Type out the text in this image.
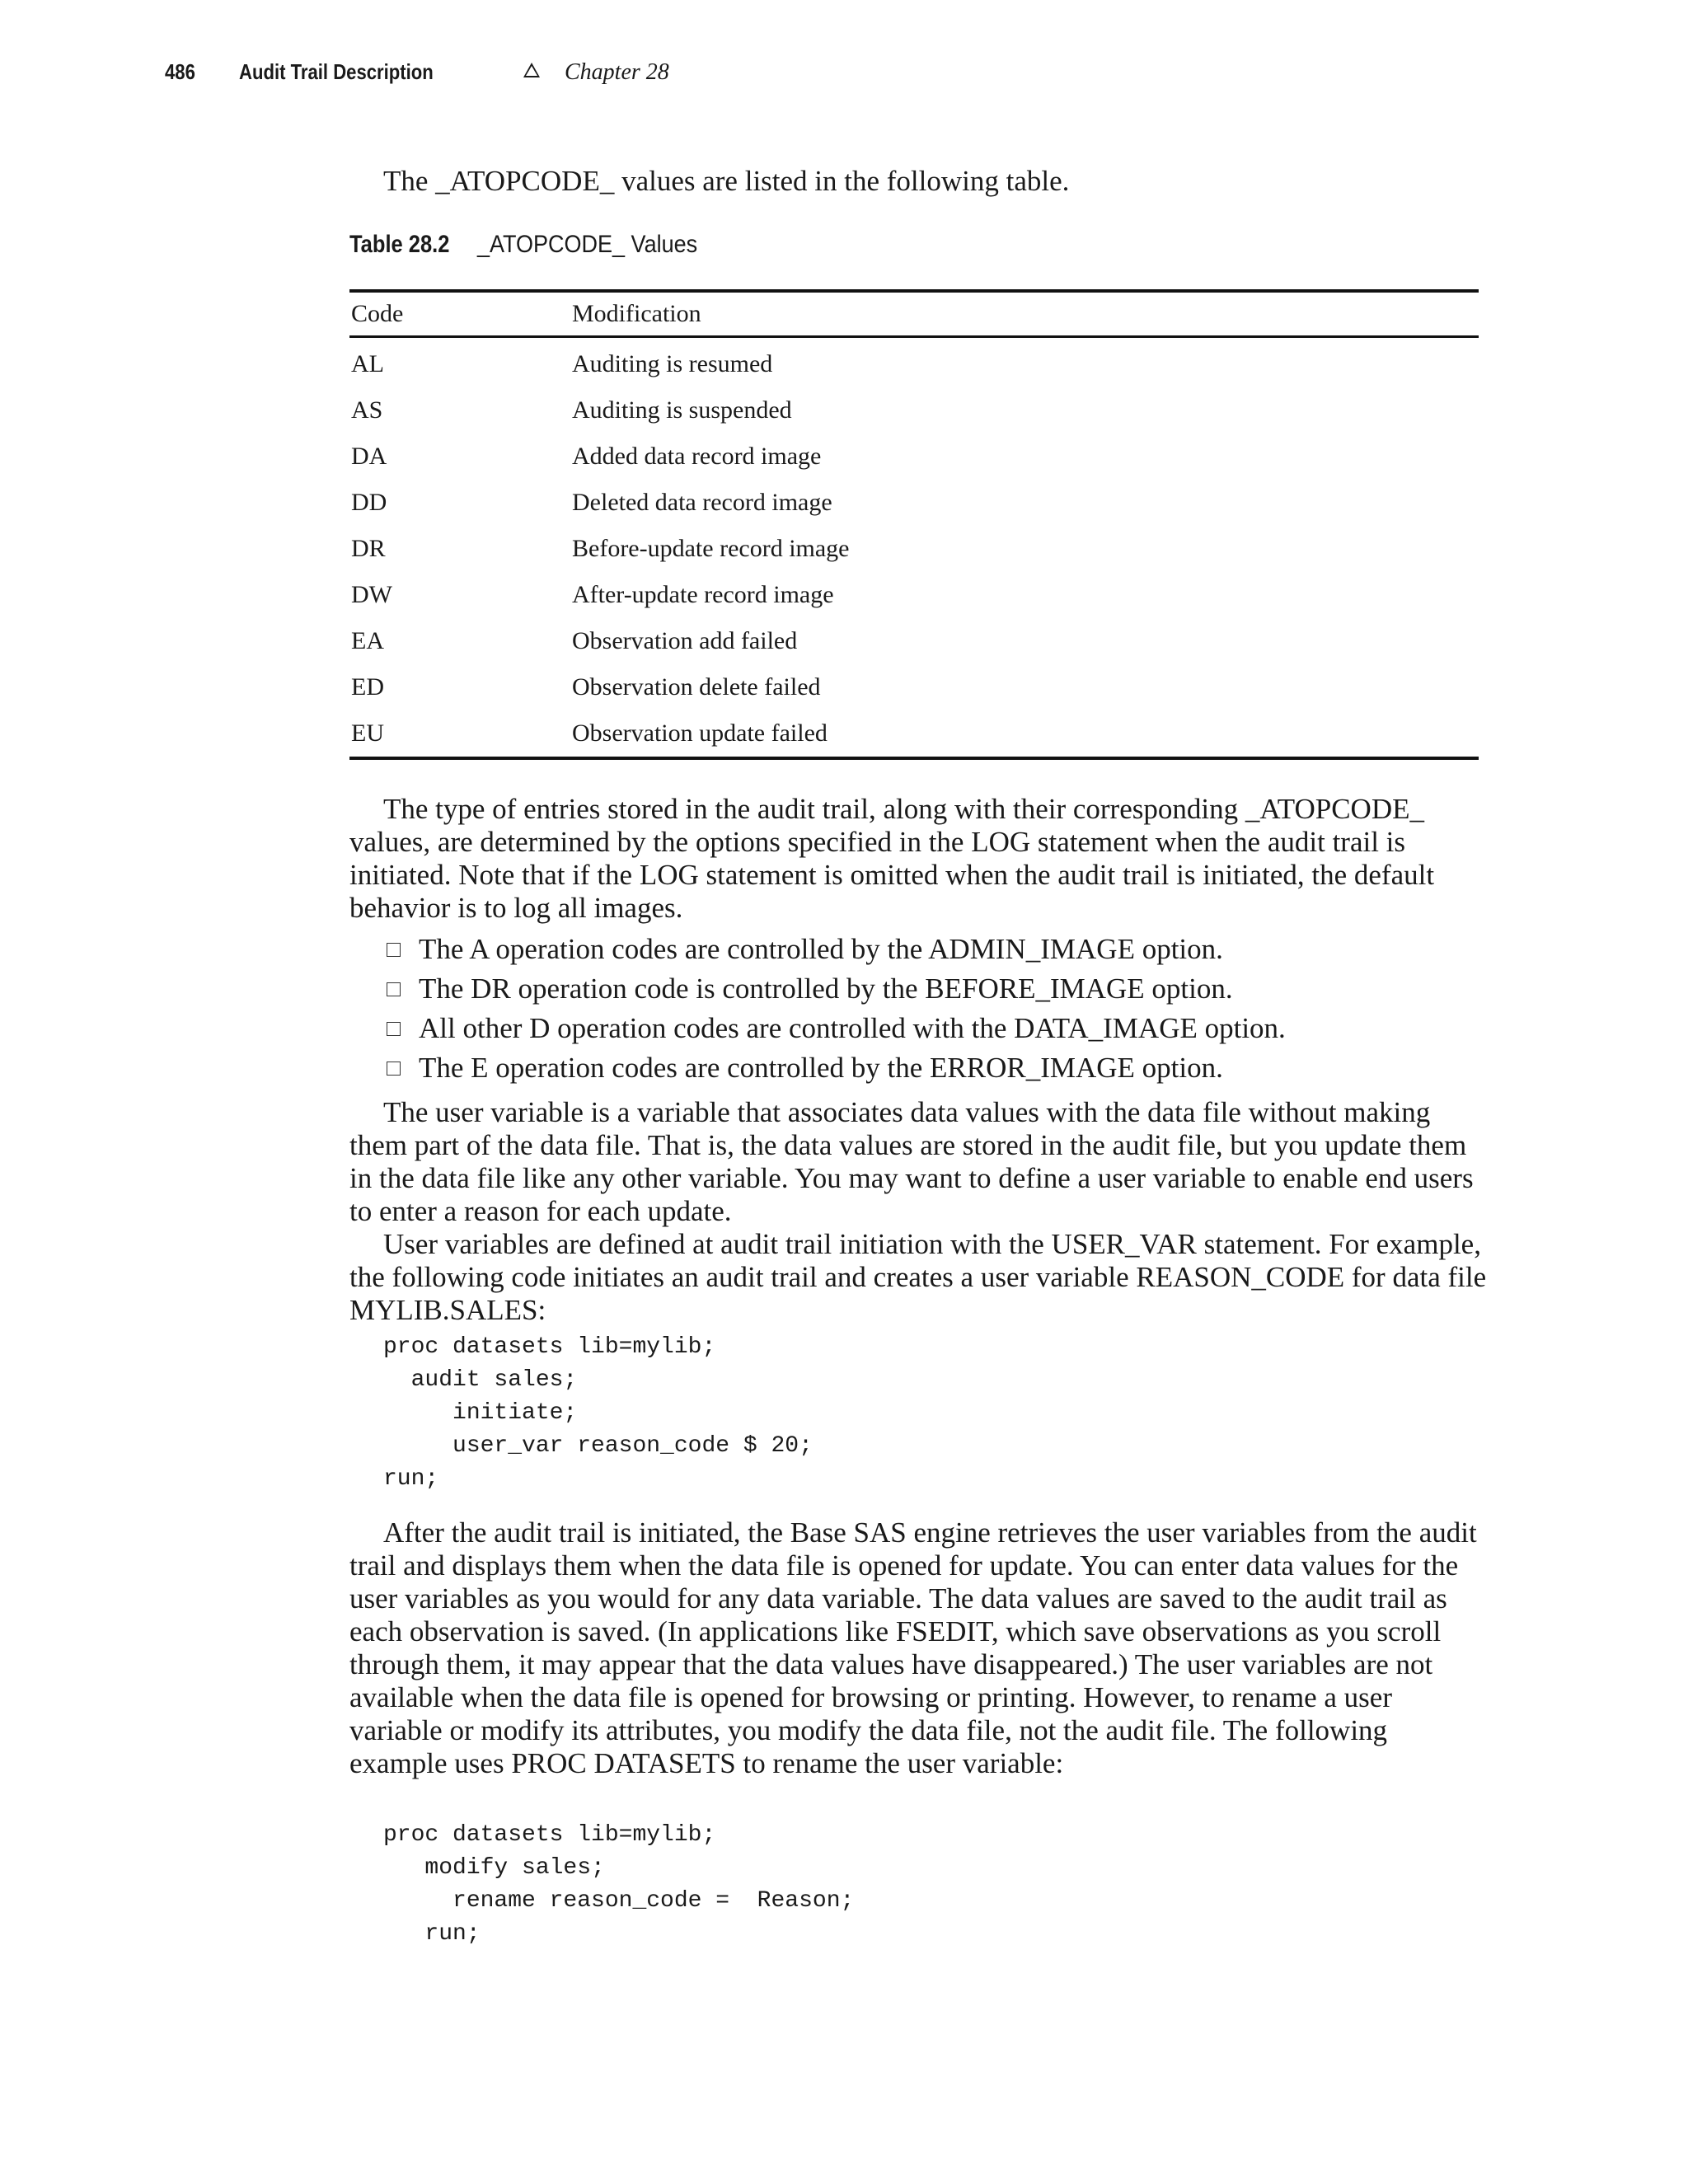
486	Audit Trail Description	Chapter 28

The _ATOPCODE_ values are listed in the following table.

Table 28.2 _ATOPCODE_ Values

Code	Modification
AL	Auditing is resumed
AS	Auditing is suspended
DA	Added data record image
DD	Deleted data record image
DR	Before-update record image
DW	After-update record image
EA	Observation add failed
ED	Observation delete failed
EU	Observation update failed

The type of entries stored in the audit trail, along with their corresponding _ATOPCODE_ values, are determined by the options specified in the LOG statement when the audit trail is initiated. Note that if the LOG statement is omitted when the audit trail is initiated, the default behavior is to log all images.

The A operation codes are controlled by the ADMIN_IMAGE option.
The DR operation code is controlled by the BEFORE_IMAGE option.
All other D operation codes are controlled with the DATA_IMAGE option.
The E operation codes are controlled by the ERROR_IMAGE option.

The user variable is a variable that associates data values with the data file without making them part of the data file. That is, the data values are stored in the audit file, but you update them in the data file like any other variable. You may want to define a user variable to enable end users to enter a reason for each update.

User variables are defined at audit trail initiation with the USER_VAR statement. For example, the following code initiates an audit trail and creates a user variable REASON_CODE for data file MYLIB.SALES:

proc datasets lib=mylib;
audit sales;
initiate;
user_var reason_code $ 20;
run;

After the audit trail is initiated, the Base SAS engine retrieves the user variables from the audit trail and displays them when the data file is opened for update. You can enter data values for the user variables as you would for any data variable. The data values are saved to the audit trail as each observation is saved. (In applications like FSEDIT, which save observations as you scroll through them, it may appear that the data values have disappeared.) The user variables are not available when the data file is opened for browsing or printing. However, to rename a user variable or modify its attributes, you modify the data file, not the audit file. The following example uses PROC DATASETS to rename the user variable:

proc datasets lib=mylib;
modify sales;
rename reason_code =  Reason;
run;
